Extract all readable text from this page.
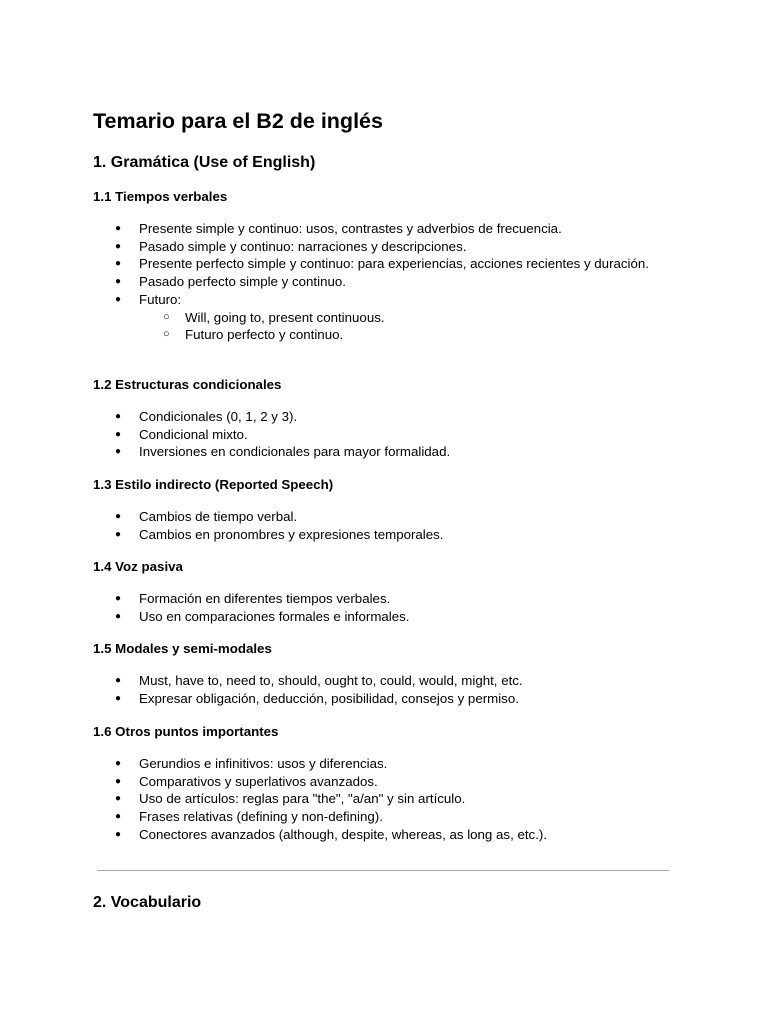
Temario para el B2 de inglés
1. Gramática (Use of English)
1.1 Tiempos verbales
● Presente simple y continuo: usos, contrastes y adverbios de frecuencia.
● Pasado simple y continuo: narraciones y descripciones.
● Presente perfecto simple y continuo: para experiencias, acciones recientes y duración.
● Pasado perfecto simple y continuo.
● Futuro:
○ Will, going to, present continuous.
○ Futuro perfecto y continuo.
1.2 Estructuras condicionales
● Condicionales (0, 1, 2 y 3).
● Condicional mixto.
● Inversiones en condicionales para mayor formalidad.
1.3 Estilo indirecto (Reported Speech)
● Cambios de tiempo verbal.
● Cambios en pronombres y expresiones temporales.
1.4 Voz pasiva
● Formación en diferentes tiempos verbales.
● Uso en comparaciones formales e informales.
1.5 Modales y semi-modales
● Must, have to, need to, should, ought to, could, would, might, etc.
● Expresar obligación, deducción, posibilidad, consejos y permiso.
1.6 Otros puntos importantes
● Gerundios e infinitivos: usos y diferencias.
● Comparativos y superlativos avanzados.
● Uso de artículos: reglas para "the", "a/an" y sin artículo.
● Frases relativas (defining y non-defining).
● Conectores avanzados (although, despite, whereas, as long as, etc.).
2. Vocabulario
